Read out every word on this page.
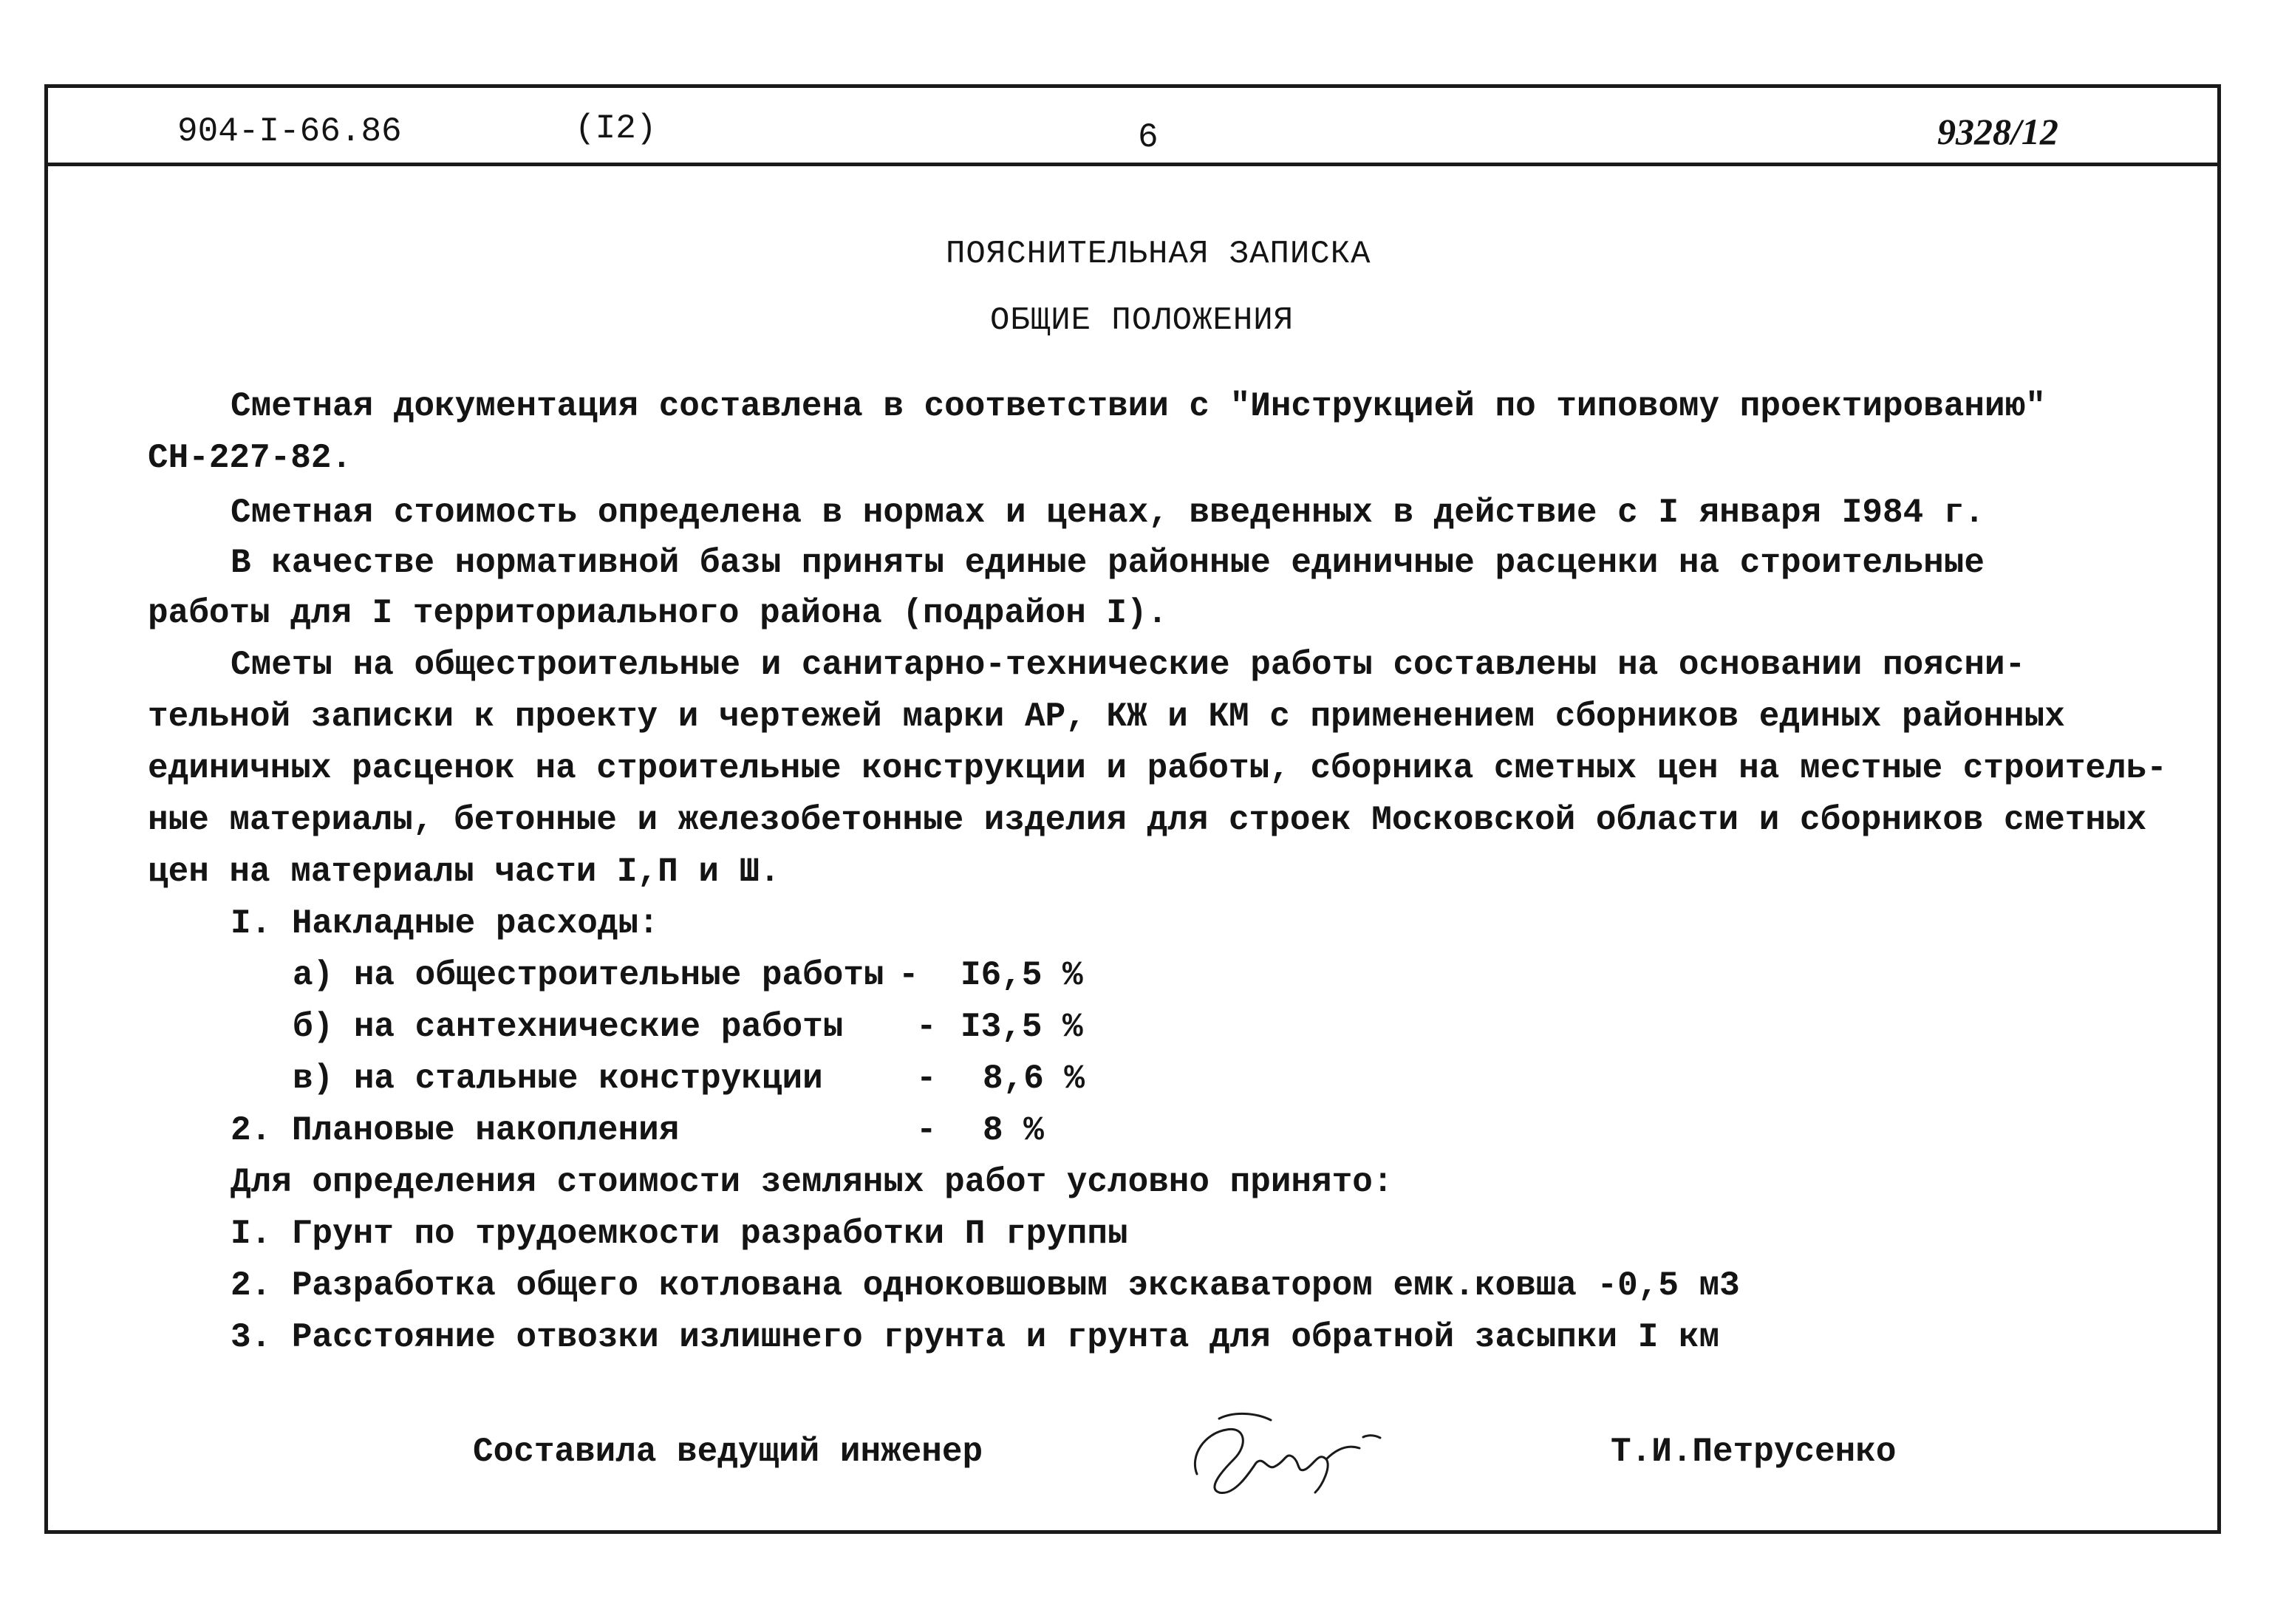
904-I-66.86	(I2)	6	9328/12
ПОЯСНИТЕЛЬНАЯ ЗАПИСКА
ОБЩИЕ ПОЛОЖЕНИЯ
Сметная документация составлена в соответствии с "Инструкцией по типовому проектированию"
СН-227-82.
Сметная стоимость определена в нормах и ценах, введенных в действие с I января I984 г.
В качестве нормативной базы приняты единые районные единичные расценки на строительные
работы для I территориального района (подрайон I).
Сметы на общестроительные и санитарно-технические работы составлены на основании поясни-
тельной записки к проекту и чертежей марки АР, КЖ и КМ с применением сборников единых районных
единичных расценок на строительные конструкции и работы, сборника сметных цен на местные строитель-
ные материалы, бетонные и железобетонные изделия для строек Московской области и сборников сметных
цен на материалы части I,П и Ш.
I. Накладные расходы:
а) на общестроительные работы - I6,5 %
б) на сантехнические работы - I3,5 %
в) на стальные конструкции	- 8,6 %
2. Плановые накопления	- 8 %
Для определения стоимости земляных работ условно принято:
I. Грунт по трудоемкости разработки П группы
2. Разработка общего котлована одноковшовым экскаватором емк.ковша -0,5 м3
3. Расстояние отвозки излишнего грунта и грунта для обратной засыпки I км
Составила ведущий инженер	Т.И.Петрусенко
